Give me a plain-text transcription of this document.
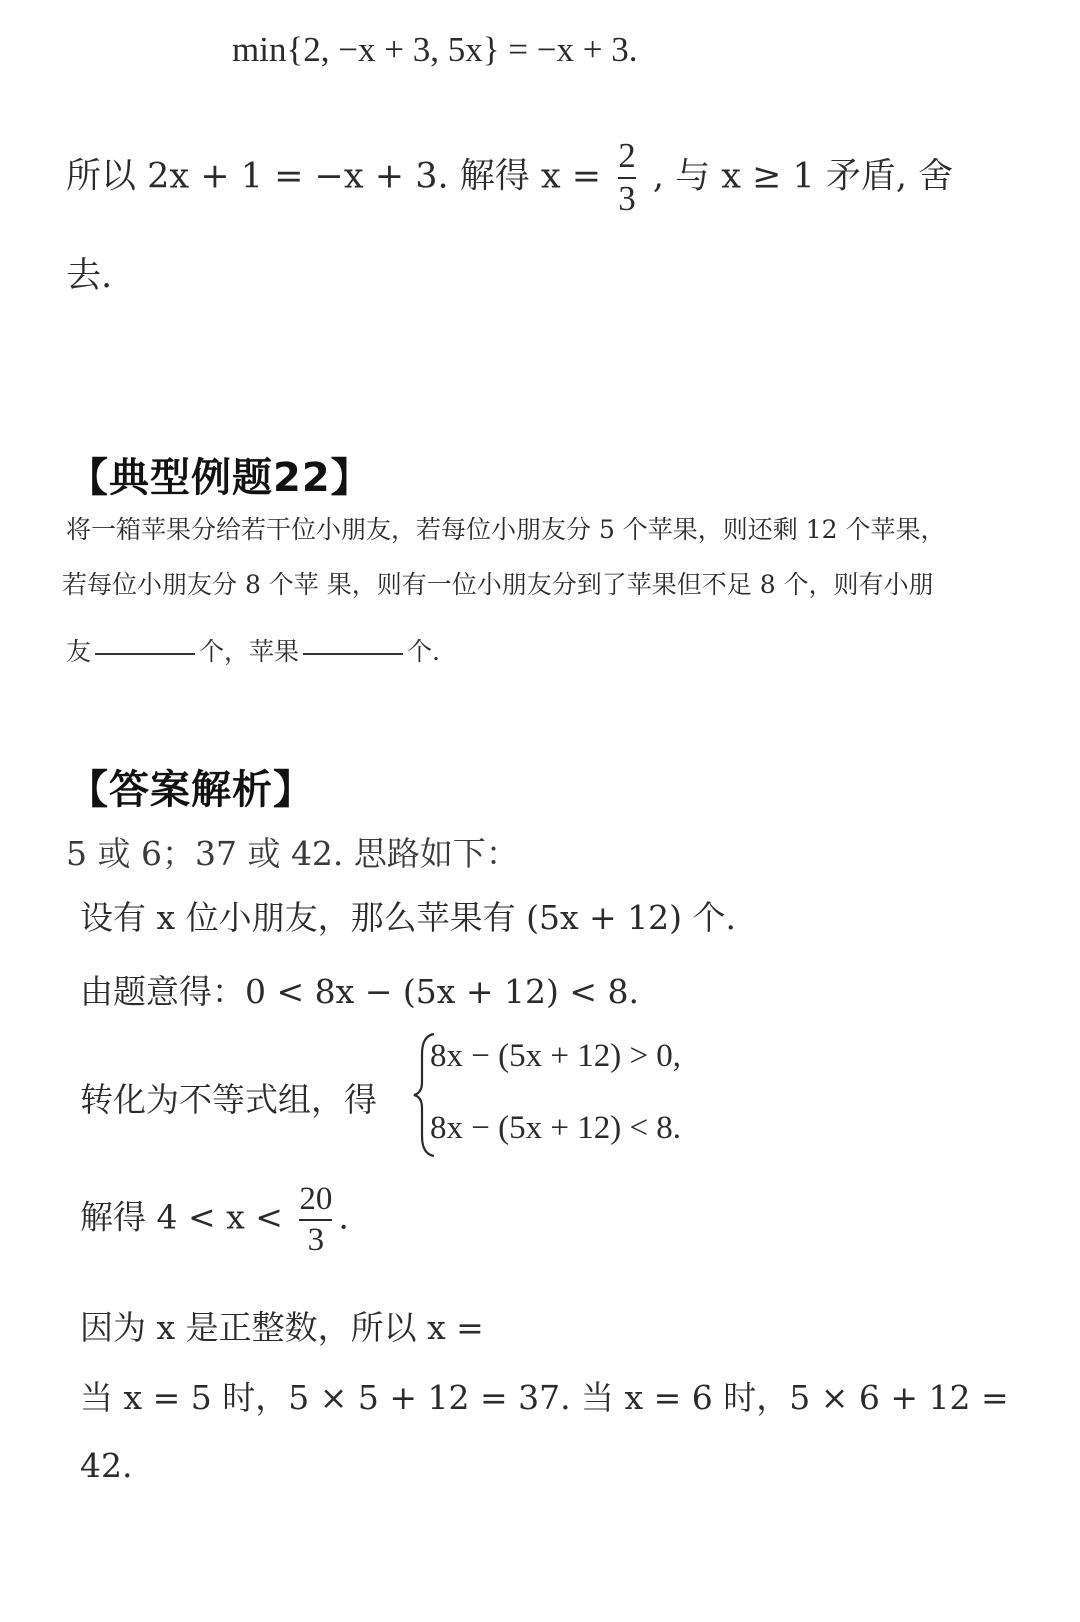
min{2, −x + 3, 5x} = −x + 3.
所以 2x + 1 = −x + 3. 解得 $x = \frac{2}{3}$ , 与 x ≥ 1 矛盾, 舍
去.
【典型例题22】
将一箱苹果分给若干位小朋友，若每位小朋友分 5 个苹果，则还剩 12 个苹果，
若每位小朋友分 8 个苹 果，则有一位小朋友分到了苹果但不足 8 个，则有小朋
友	个，苹果	个.
【答案解析】
5 或 6；37 或 42. 思路如下：
设有 x 位小朋友，那么苹果有 (5x + 12) 个.
由题意得：0 < 8x − (5x + 12) < 8.
转化为不等式组，得
8x − (5x + 12) > 0,
8x − (5x + 12) < 8.
解得 $4 < x < \frac{20}{3}$ .
因为 x 是正整数，所以 x =
当 x = 5 时，5 × 5 + 12 = 37. 当 x = 6 时，5 × 6 + 12 =
42.
